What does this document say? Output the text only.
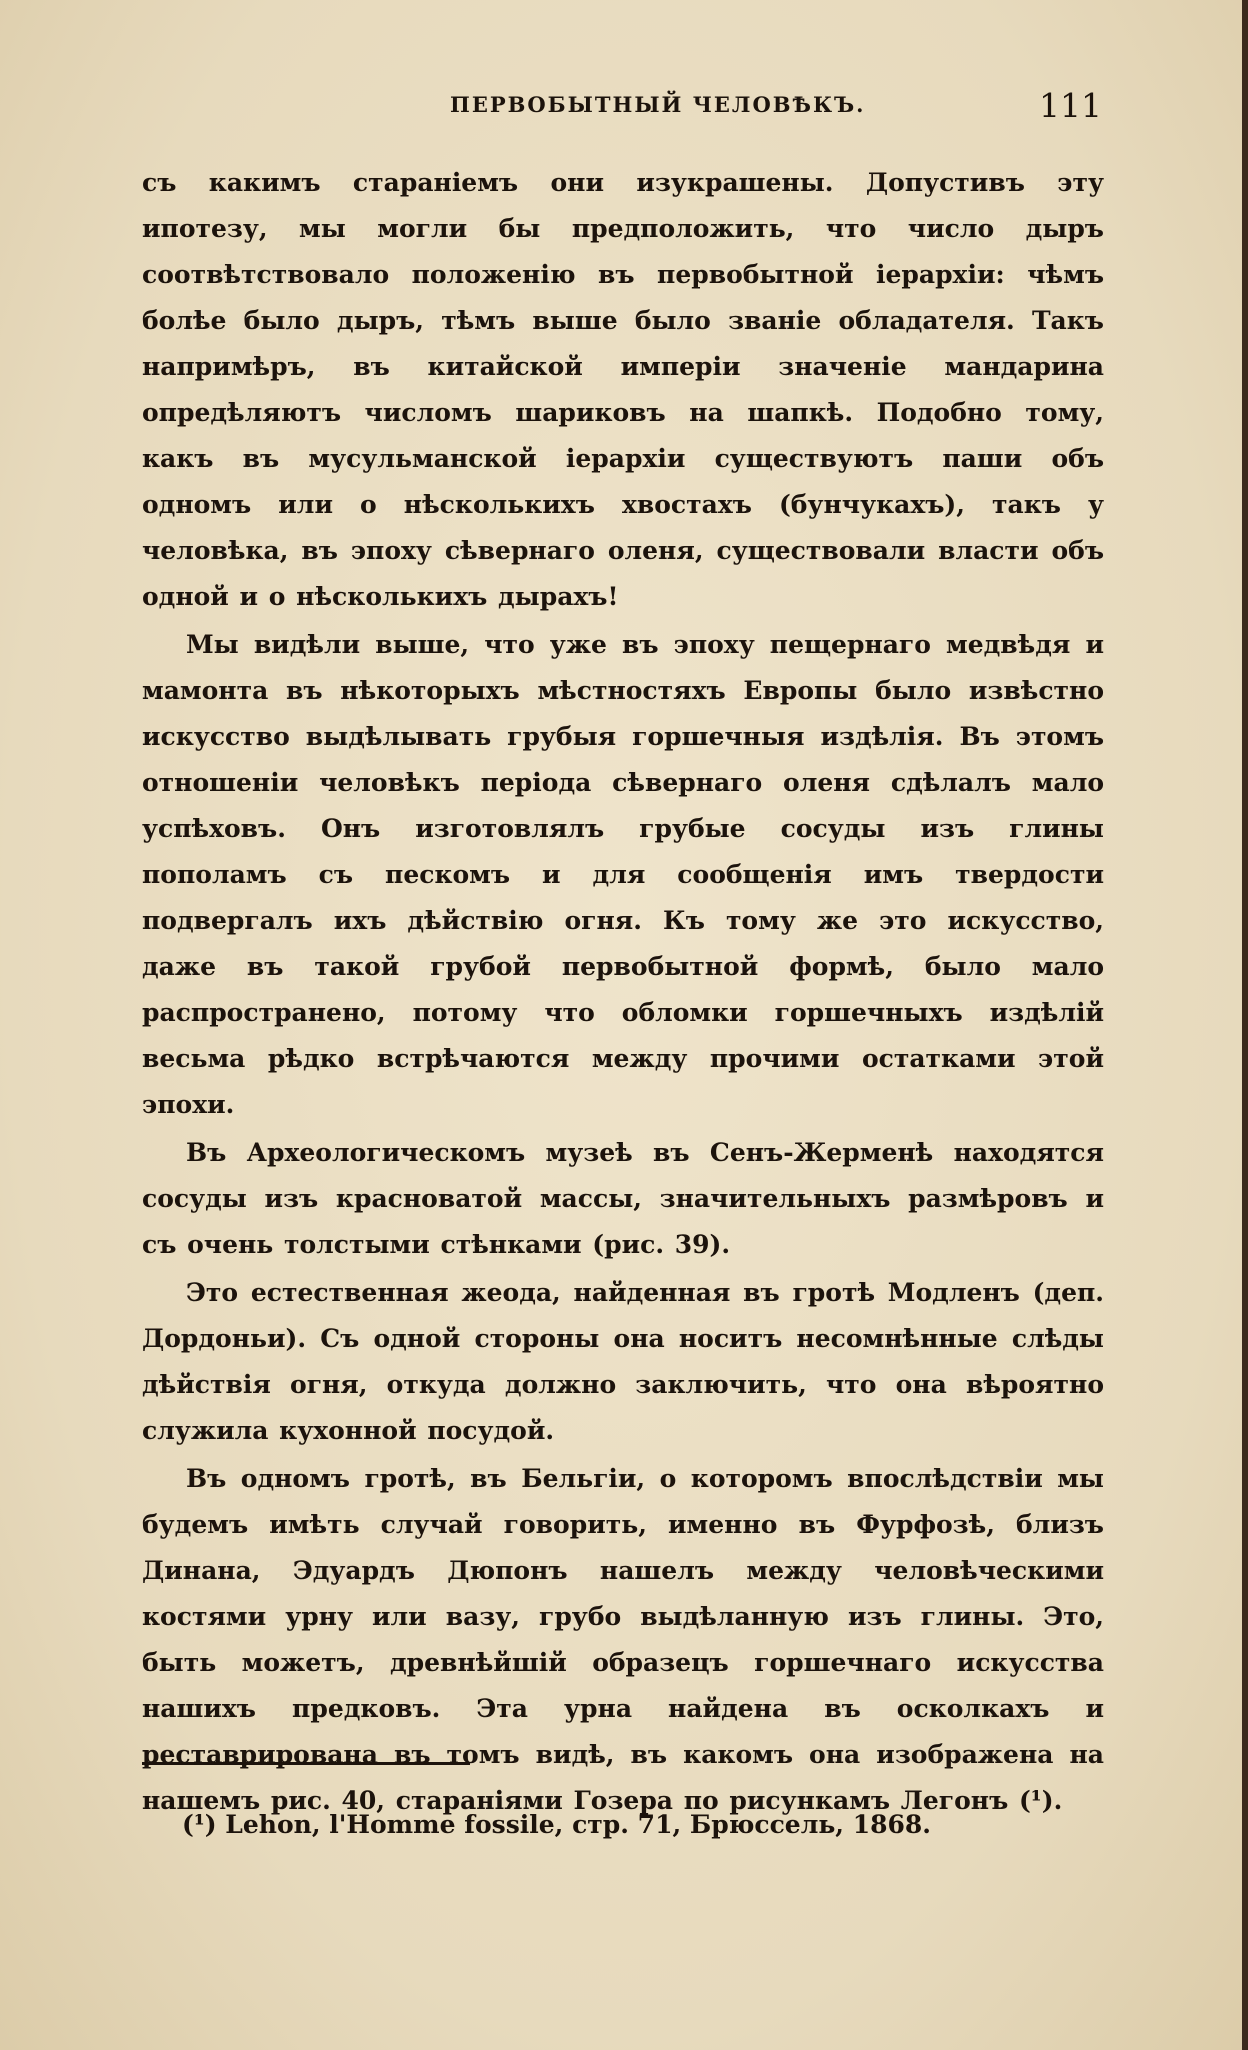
ПЕРВОБЫТНЫЙ ЧЕЛОВѢКЪ.	111

съ какимъ стараніемъ они изукрашены. Допустивъ эту ипотезу, мы могли бы предположить, что число дыръ соотвѣтствовало положенію въ первобытной іерархіи: чѣмъ болѣе было дыръ, тѣмъ выше было званіе обладателя. Такъ напримѣръ, въ китайской имперіи значеніе мандарина опредѣляютъ числомъ шариковъ на шапкѣ. Подобно тому, какъ въ мусульманской іерархіи существуютъ паши объ одномъ или о нѣсколькихъ хвостахъ (бунчукахъ), такъ у человѣка, въ эпоху сѣвернаго оленя, существовали власти объ одной и о нѣсколькихъ дырахъ!

Мы видѣли выше, что уже въ эпоху пещернаго медвѣдя и мамонта въ нѣкоторыхъ мѣстностяхъ Европы было извѣстно искусство выдѣлывать грубыя горшечныя издѣлія. Въ этомъ отношеніи человѣкъ періода сѣвернаго оленя сдѣлалъ мало успѣховъ. Онъ изготовлялъ грубые сосуды изъ глины пополамъ съ пескомъ и для сообщенія имъ твердости подвергалъ ихъ дѣйствію огня. Къ тому же это искусство, даже въ такой грубой первобытной формѣ, было мало распространено, потому что обломки горшечныхъ издѣлій весьма рѣдко встрѣчаются между прочими остатками этой эпохи.

Въ Археологическомъ музеѣ въ Сенъ-Жерменѣ находятся сосуды изъ красноватой массы, значительныхъ размѣровъ и съ очень толстыми стѣнками (рис. 39).

Это естественная жеода, найденная въ гротѣ Модленъ (деп. Дордоньи). Съ одной стороны она носитъ несомнѣнные слѣды дѣйствія огня, откуда должно заключить, что она вѣроятно служила кухонной посудой.

Въ одномъ гротѣ, въ Бельгіи, о которомъ впослѣдствіи мы будемъ имѣть случай говорить, именно въ Фурфозѣ, близъ Динана, Эдуардъ Дюпонъ нашелъ между человѣческими костями урну или вазу, грубо выдѣланную изъ глины. Это, быть можетъ, древнѣйшій образецъ горшечнаго искусства нашихъ предковъ. Эта урна найдена въ осколкахъ и реставрирована въ томъ видѣ, въ какомъ она изображена на нашемъ рис. 40, стараніями Гозера по рисункамъ Легонъ (¹).

(¹) Lehon, l'Homme fossile, стр. 71, Брюссель, 1868.
